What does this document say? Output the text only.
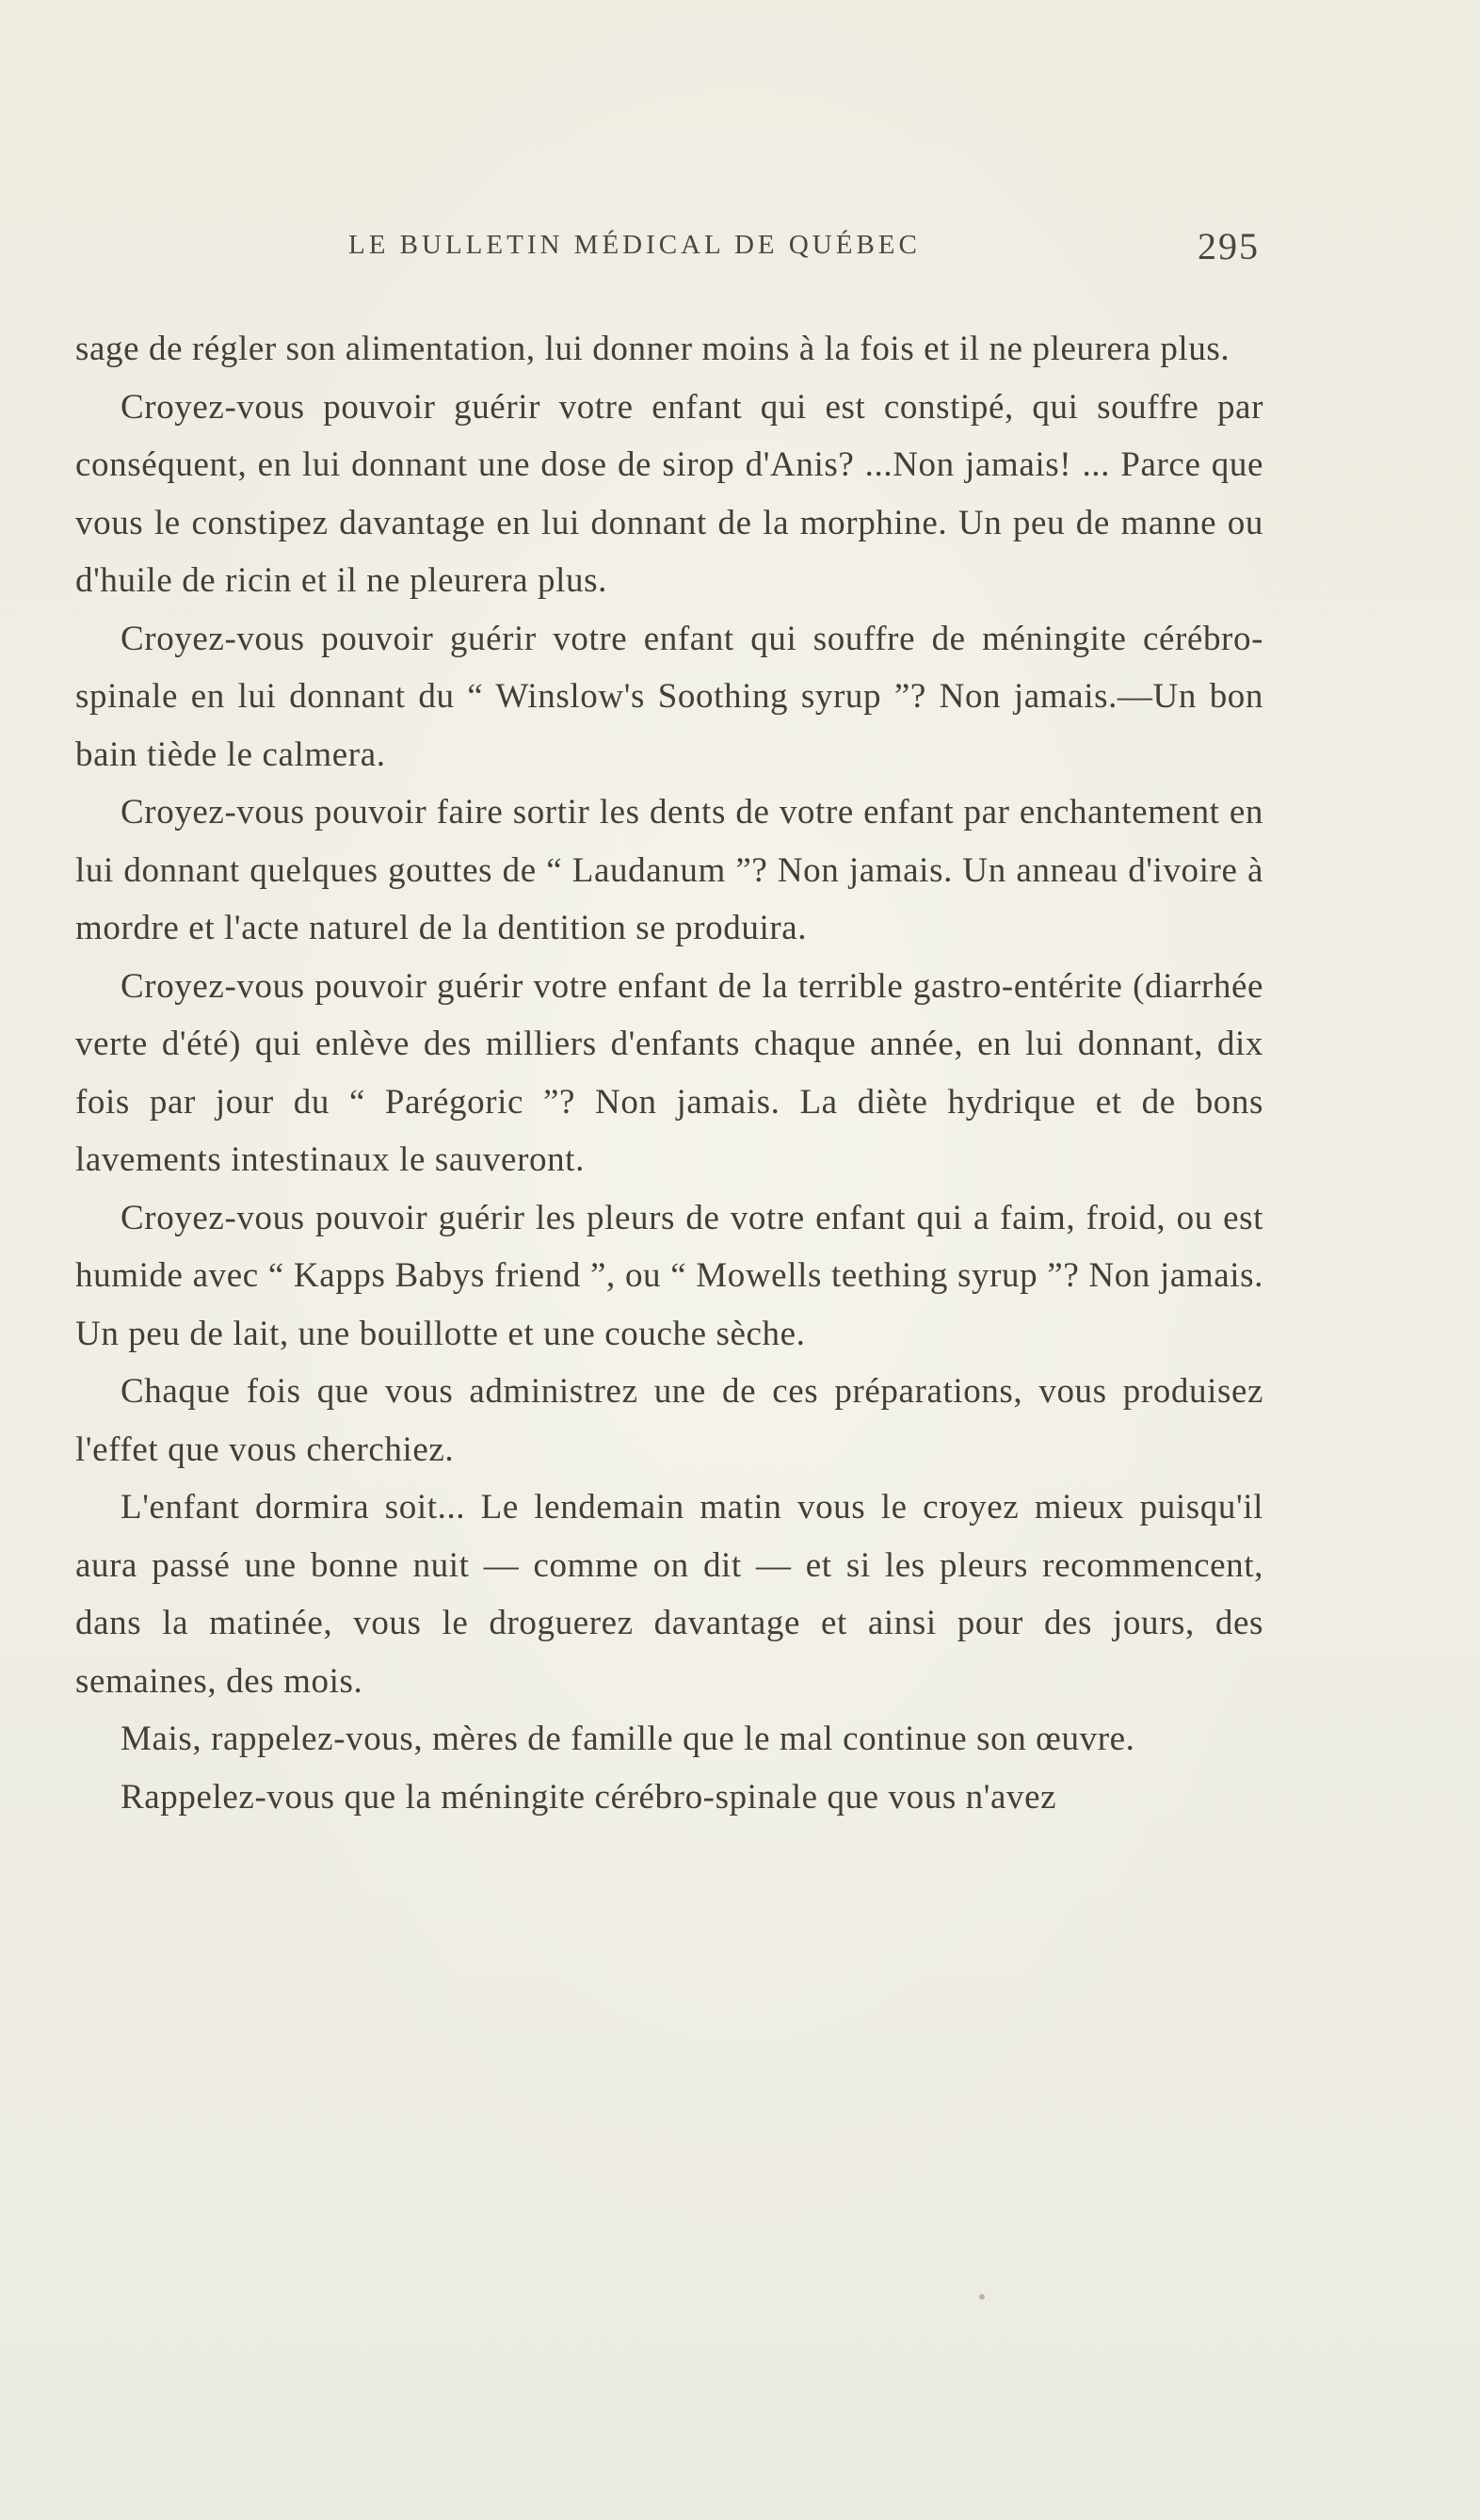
LE BULLETIN MÉDICAL DE QUÉBEC	295

sage de régler son alimentation, lui donner moins à la fois et il ne pleurera plus.

Croyez-vous pouvoir guérir votre enfant qui est constipé, qui souffre par conséquent, en lui donnant une dose de sirop d'Anis? ...Non jamais! ... Parce que vous le constipez davantage en lui donnant de la morphine. Un peu de manne ou d'huile de ricin et il ne pleurera plus.

Croyez-vous pouvoir guérir votre enfant qui souffre de méningite cérébro-spinale en lui donnant du “ Winslow's Soothing syrup ”? Non jamais.—Un bon bain tiède le calmera.

Croyez-vous pouvoir faire sortir les dents de votre enfant par enchantement en lui donnant quelques gouttes de “ Laudanum ”? Non jamais. Un anneau d'ivoire à mordre et l'acte naturel de la dentition se produira.

Croyez-vous pouvoir guérir votre enfant de la terrible gastro-entérite (diarrhée verte d'été) qui enlève des milliers d'enfants chaque année, en lui donnant, dix fois par jour du “ Parégoric ”? Non jamais. La diète hydrique et de bons lavements intestinaux le sauveront.

Croyez-vous pouvoir guérir les pleurs de votre enfant qui a faim, froid, ou est humide avec “ Kapps Babys friend ”, ou “ Mowells teething syrup ”? Non jamais. Un peu de lait, une bouillotte et une couche sèche.

Chaque fois que vous administrez une de ces préparations, vous produisez l'effet que vous cherchiez.

L'enfant dormira soit... Le lendemain matin vous le croyez mieux puisqu'il aura passé une bonne nuit — comme on dit — et si les pleurs recommencent, dans la matinée, vous le droguerez davantage et ainsi pour des jours, des semaines, des mois.

Mais, rappelez-vous, mères de famille que le mal continue son œuvre.

Rappelez-vous que la méningite cérébro-spinale que vous n'avez
